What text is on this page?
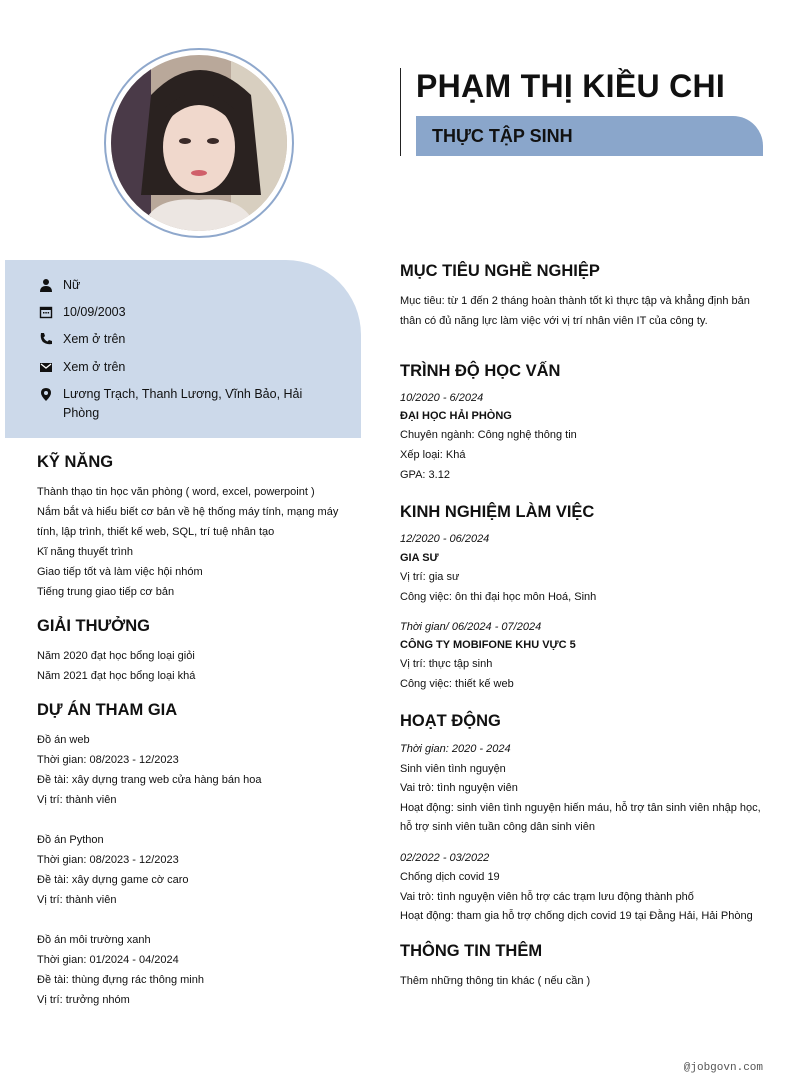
PHẠM THỊ KIỀU CHI
THỰC TẬP SINH
Nữ
10/09/2003
Xem ở trên
Xem ở trên
Lương Trạch, Thanh Lương, Vĩnh Bảo, Hải Phòng
KỸ NĂNG

Thành thạo tin học văn phòng ( word, excel, powerpoint )

Nắm bắt và hiểu biết cơ bản về hệ thống máy tính, mạng máy

tính, lập trình, thiết kế web, SQL, trí tuệ nhân tạo

Kĩ năng thuyết trình

Giao tiếp tốt và làm việc hội nhóm

Tiếng trung giao tiếp cơ bản

GIẢI THƯỞNG

Năm 2020 đạt học bổng loại giỏi

Năm 2021 đạt học bổng loại khá

DỰ ÁN THAM GIA

Đồ án web

Thời gian: 08/2023 - 12/2023

Đề tài: xây dựng trang web cửa hàng bán hoa

Vị trí: thành viên

Đồ án Python

Thời gian: 08/2023 - 12/2023

Đề tài: xây dựng game cờ caro

Vị trí: thành viên

Đồ án môi trường xanh

Thời gian: 01/2024 - 04/2024

Đề tài: thùng đựng rác thông minh

Vị trí: trưởng nhóm

MỤC TIÊU NGHỀ NGHIỆP

Mục tiêu: từ 1 đến 2 tháng hoàn thành tốt kì thực tập và khẳng định bản

thân có đủ năng lực làm việc với vị trí nhân viên IT của công ty.

TRÌNH ĐỘ HỌC VẤN

10/2020 - 6/2024

ĐẠI HỌC HẢI PHÒNG

Chuyên ngành: Công nghệ thông tin

Xếp loại: Khá

GPA: 3.12

KINH NGHIỆM LÀM VIỆC

12/2020 - 06/2024

GIA SƯ

Vị trí: gia sư

Công việc: ôn thi đại học môn Hoá, Sinh

Thời gian/ 06/2024 - 07/2024

CÔNG TY MOBIFONE KHU VỰC 5

Vị trí: thực tập sinh

Công việc: thiết kế web

HOẠT ĐỘNG

Thời gian: 2020 - 2024

Sinh viên tình nguyện

Vai trò: tình nguyện viên

Hoạt động: sinh viên tình nguyện hiến máu, hỗ trợ tân sinh viên nhập học,

hỗ trợ sinh viên tuần công dân sinh viên

02/2022 - 03/2022

Chống dịch covid 19

Vai trò: tình nguyện viên hỗ trợ các trạm lưu động thành phố

Hoạt động: tham gia hỗ trợ chống dịch covid 19 tại Đằng Hải, Hải Phòng

THÔNG TIN THÊM

Thêm những thông tin khác ( nếu cần )

@jobgovn.com
